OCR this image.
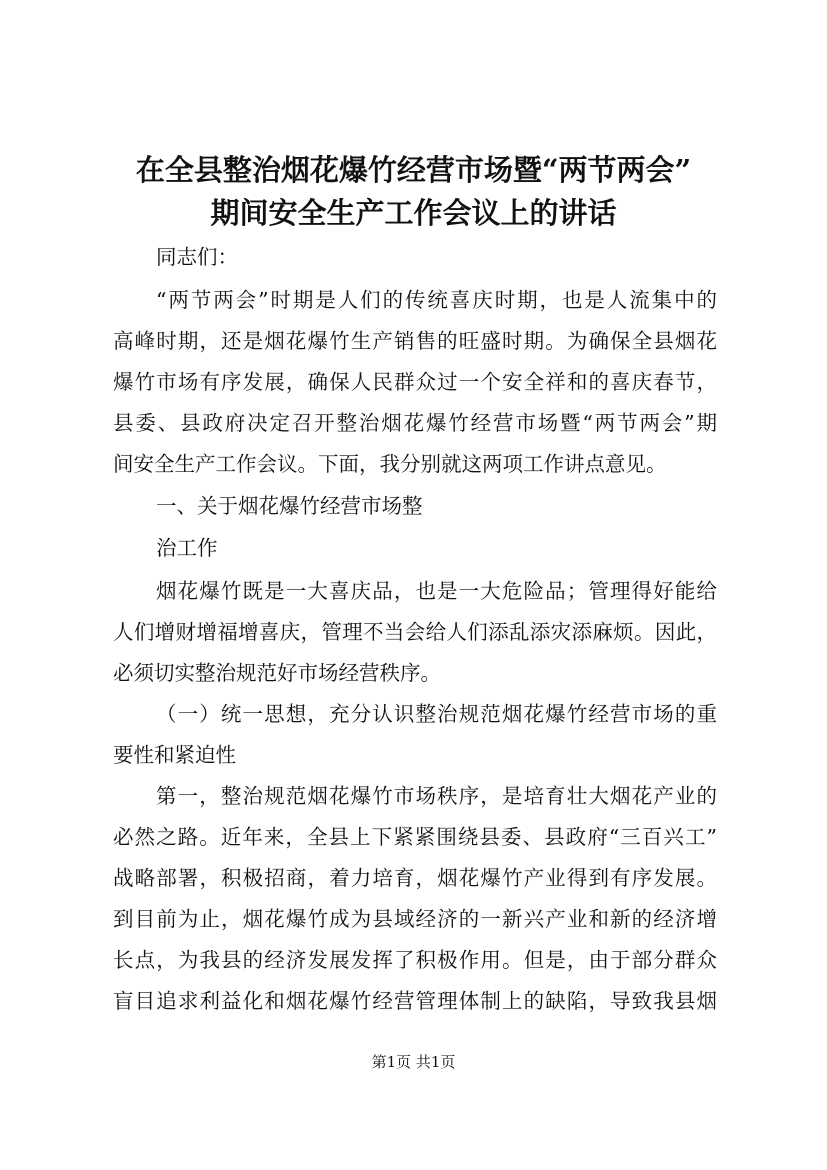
在全县整治烟花爆竹经营市场暨“两节两会”
期间安全生产工作会议上的讲话
同志们：
“两节两会”时期是人们的传统喜庆时期，也是人流集中的
高峰时期，还是烟花爆竹生产销售的旺盛时期。为确保全县烟花
爆竹市场有序发展，确保人民群众过一个安全祥和的喜庆春节，
县委、县政府决定召开整治烟花爆竹经营市场暨“两节两会”期
间安全生产工作会议。下面，我分别就这两项工作讲点意见。
一、关于烟花爆竹经营市场整
治工作
烟花爆竹既是一大喜庆品，也是一大危险品；管理得好能给
人们增财增福增喜庆，管理不当会给人们添乱添灾添麻烦。因此，
必须切实整治规范好市场经营秩序。
（一）统一思想，充分认识整治规范烟花爆竹经营市场的重
要性和紧迫性
第一，整治规范烟花爆竹市场秩序，是培育壮大烟花产业的
必然之路。近年来，全县上下紧紧围绕县委、县政府“三百兴工”
战略部署，积极招商，着力培育，烟花爆竹产业得到有序发展。
到目前为止，烟花爆竹成为县域经济的一新兴产业和新的经济增
长点，为我县的经济发展发挥了积极作用。但是，由于部分群众
盲目追求利益化和烟花爆竹经营管理体制上的缺陷，导致我县烟
第1页 共1页
